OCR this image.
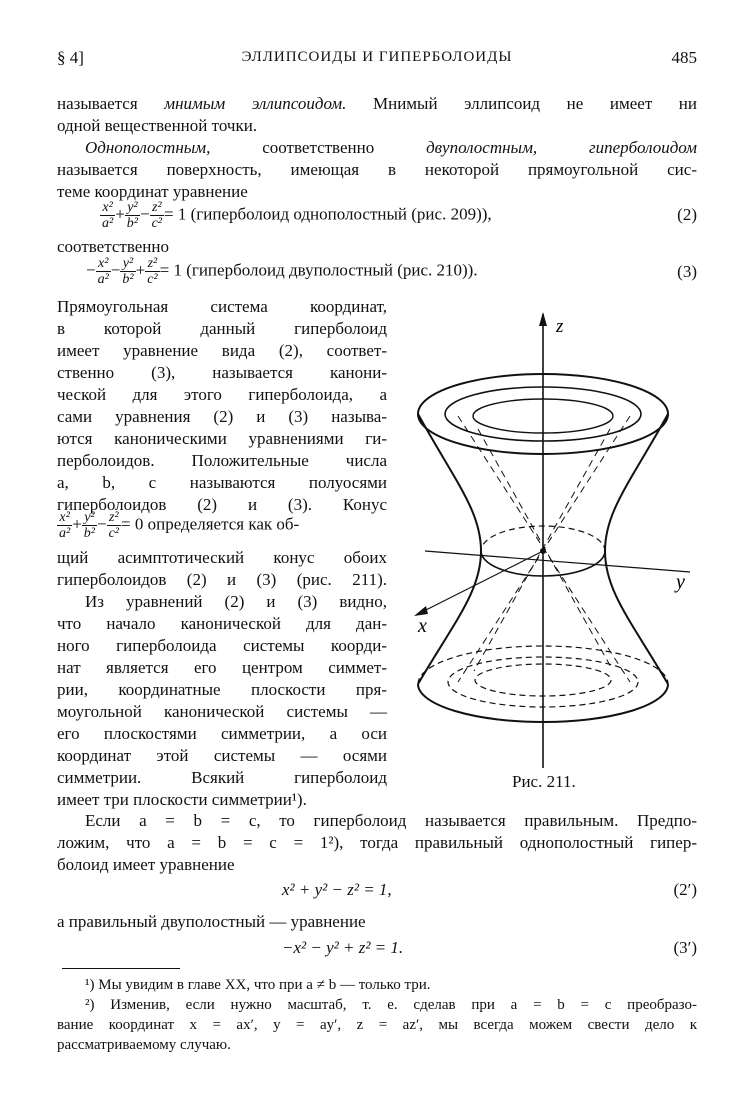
§ 4]	ЭЛЛИПСОИДЫ И ГИПЕРБОЛОИДЫ	485
называется мнимым эллипсоидом. Мнимый эллипсоид не имеет ни
одной вещественной точки.
Однополостным,	соответственно	двуполостным, гиперболоидом
называется поверхность, имеющая в некоторой прямоугольной сис-
теме координат уравнение
$\frac{\text{x²}}{\text{a²}} + \frac{\text{y²}}{\text{b²}} - \frac{\text{z²}}{\text{c²}} = 1$ (гиперболоид однополостный (рис. 209)),	(2)
соответственно
− $\frac{\text{x²}}{\text{a²}} - \frac{\text{y²}}{\text{b²}} + \frac{\text{z²}}{\text{c²}} = 1$ (гиперболоид двуполостный (рис. 210)).	(3)
Прямоугольная система координат,
в которой данный гиперболоид
имеет уравнение вида (2), соответ-
ственно (3), называется канони-
ческой для этого гиперболоида, а
сами уравнения (2) и (3) называ-
ются каноническими уравнениями ги-
перболоидов. Положительные числа
a, b, c называются полуосями
гиперболоидов (2) и (3). Конус
$\frac{\text{x²}}{\text{a²}} + \frac{\text{y²}}{\text{b²}} - \frac{\text{z²}}{\text{c²}} = 0$ определяется как об-
щий асимптотический конус обоих
гиперболоидов (2) и (3) (рис. 211).
Из уравнений (2) и (3) видно,
что начало канонической для дан-
ного гиперболоида системы коорди-
нат является его центром симмет-
рии, координатные плоскости пря-
моугольной канонической системы —
его плоскостями симметрии, а оси
координат этой системы — осями
симметрии. Всякий гиперболоид
имеет три плоскости симметрии¹).
z
y
x
Рис. 211.
Если a = b = c, то гиперболоид называется правильным. Предпо-
ложим, что a = b = c = 1²), тогда правильный однополостный гипер-
болоид имеет уравнение
x² + y² − z² = 1,	(2′)
а правильный двуполостный — уравнение
−x² − y² + z² = 1.	(3′)
¹) Мы увидим в главе XX, что при a ≠ b — только три.
²) Изменив, если нужно масштаб, т. е. сделав при a = b = c преобразо-
вание координат x = ax′, y = ay′, z = az′, мы всегда можем свести дело к
рассматриваемому случаю.
